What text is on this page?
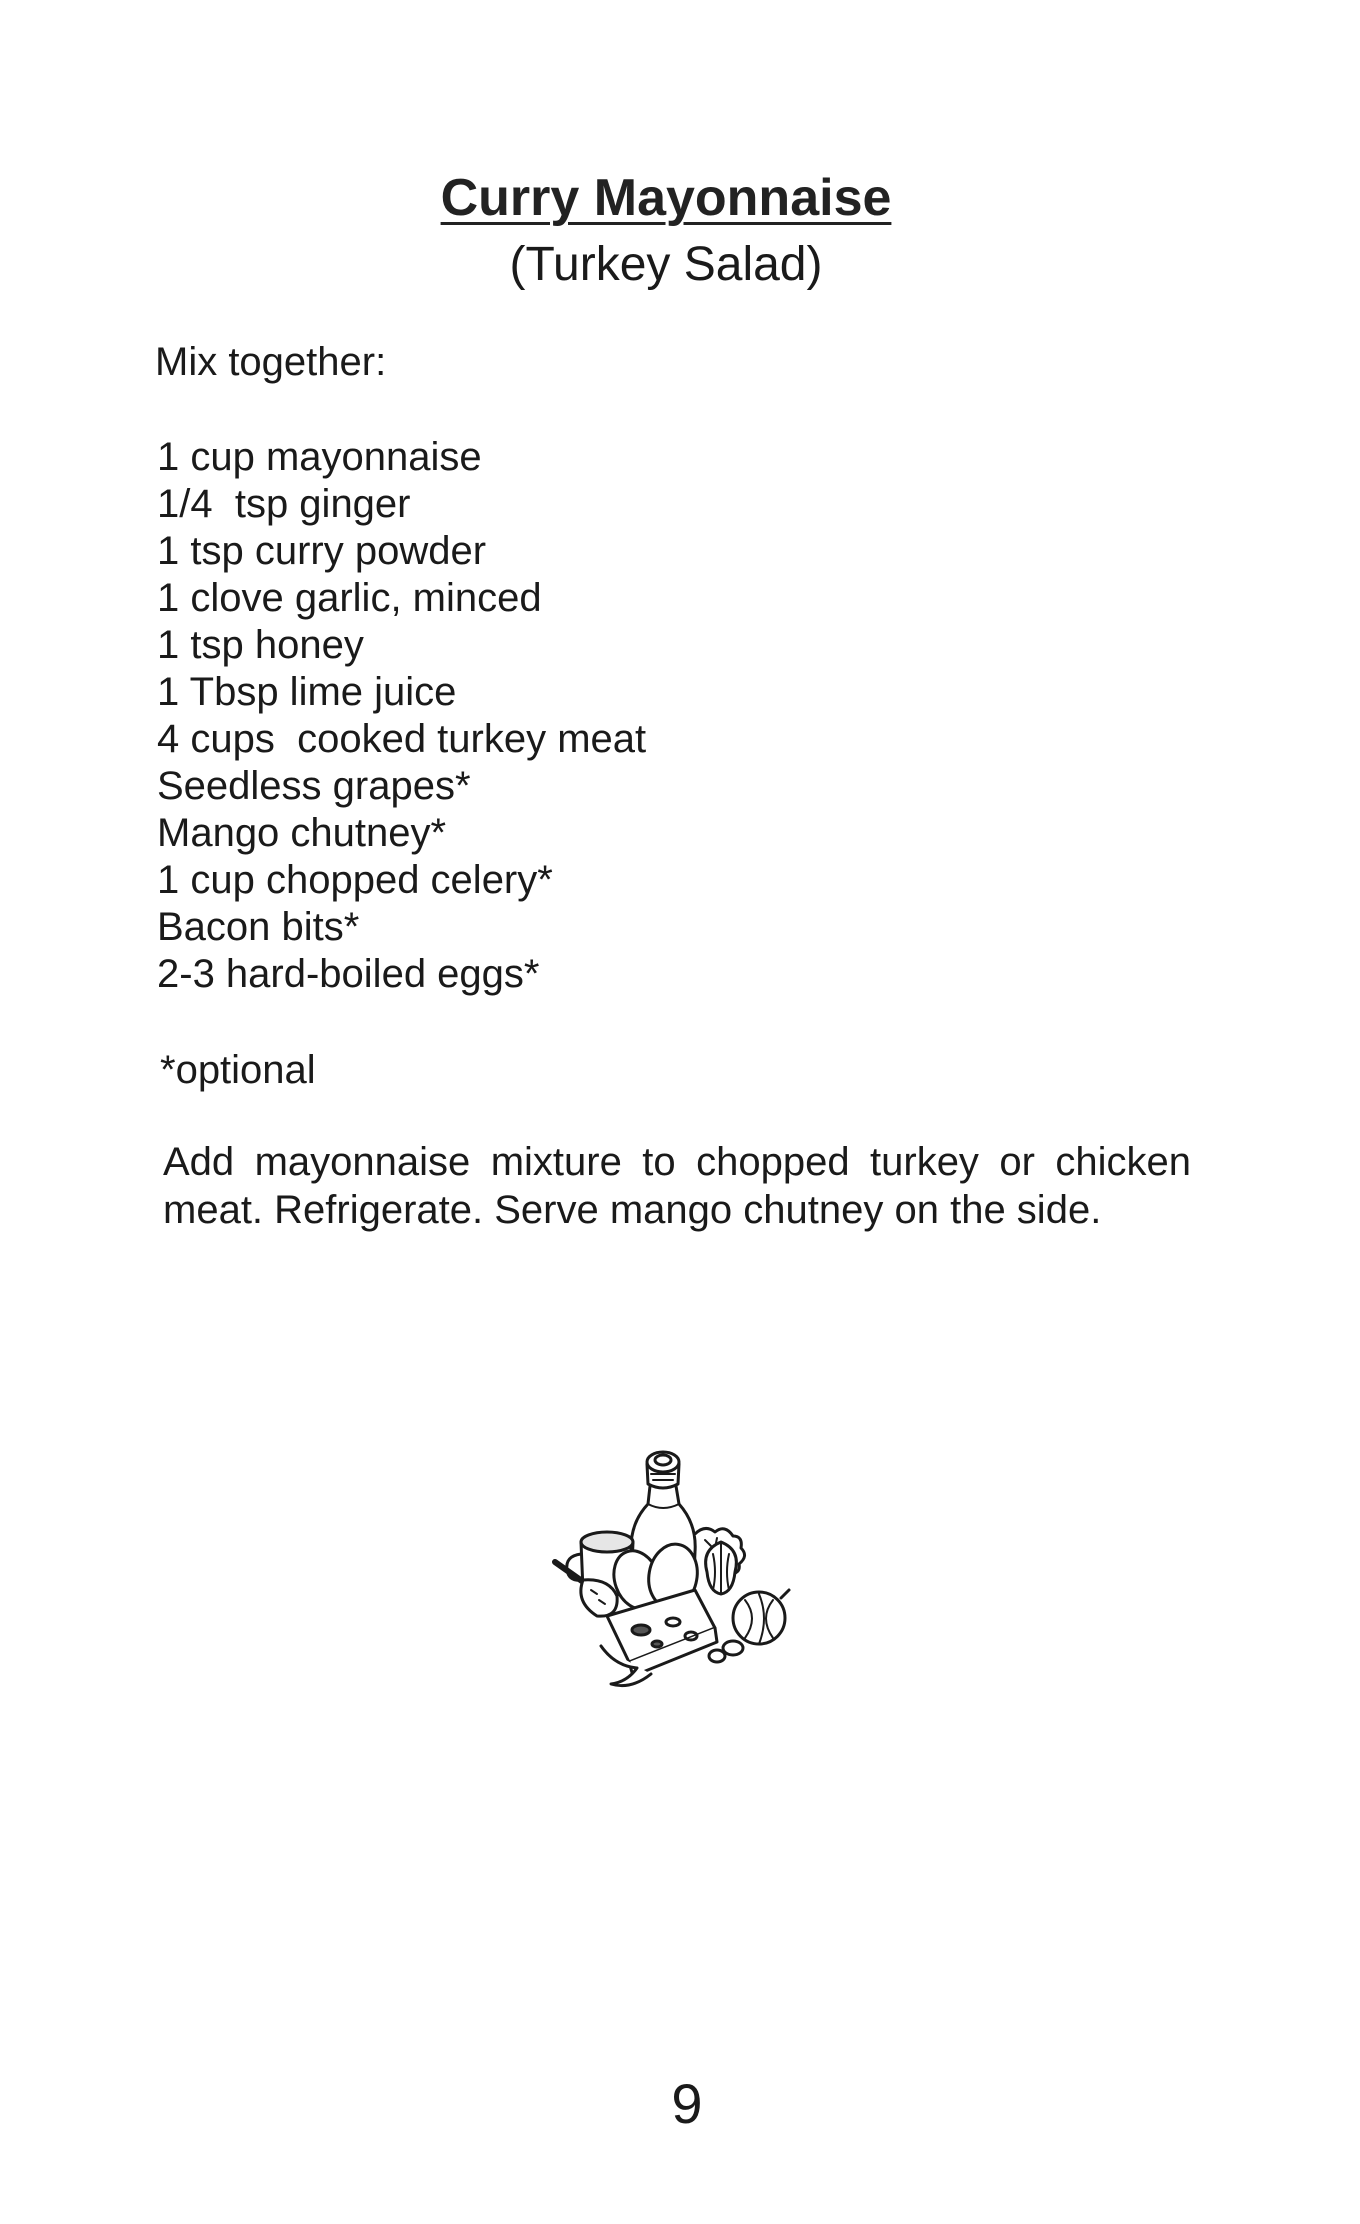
Curry Mayonnaise
(Turkey Salad)
Mix together:
1 cup mayonnaise
1/4  tsp ginger
1 tsp curry powder
1 clove garlic, minced
1 tsp honey
1 Tbsp lime juice
4 cups  cooked turkey meat
Seedless grapes*
Mango chutney*
1 cup chopped celery*
Bacon bits*
2-3 hard-boiled eggs*
*optional
Add mayonnaise mixture to chopped turkey or chicken meat. Refrigerate. Serve mango chutney on the side.
9
